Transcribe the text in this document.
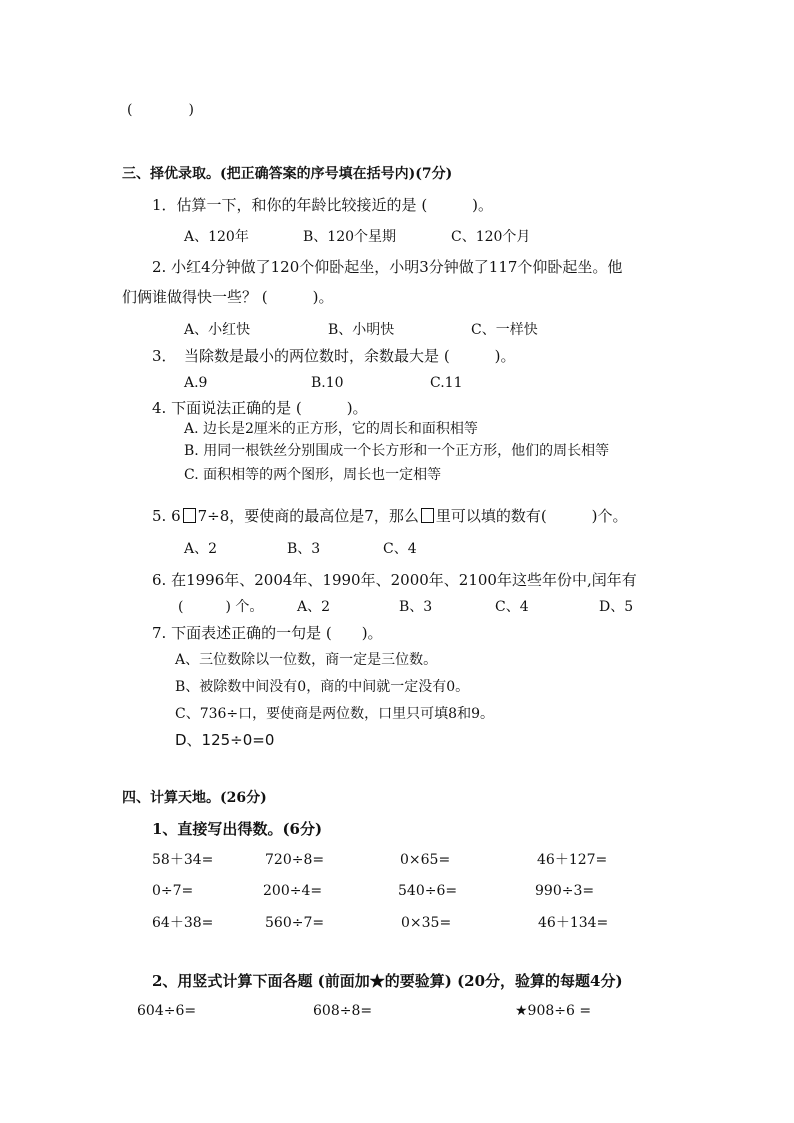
(　　　　)
三、择优录取。(把正确答案的序号填在括号内)(7分)
1．估算一下，和你的年龄比较接近的是 (　　　)。
A、120年	B、120个星期	C、120个月
2. 小红4分钟做了120个仰卧起坐，小明3分钟做了117个仰卧起坐。他
们俩谁做得快一些？ (　　　)。
A、小红快	B、小明快	C、一样快
3．　当除数是最小的两位数时，余数最大是 (　　　)。
A.9	B.10	C.11
4. 下面说法正确的是 (　　　)。
A. 边长是2厘米的正方形，它的周长和面积相等
B. 用同一根铁丝分别围成一个长方形和一个正方形，他们的周长相等
C. 面积相等的两个图形，周长也一定相等
5. 6 7÷8，要使商的最高位是7，那么 里可以填的数有(　　　)个。
A、2	B、3	C、4
6. 在1996年、2004年、1990年、2000年、2100年这些年份中,闰年有
(　　　) 个。 A、2	B、3	C、4	D、5
7. 下面表述正确的一句是 (　　)。
A、三位数除以一位数，商一定是三位数。
B、被除数中间没有0，商的中间就一定没有0。
C、736÷口，要使商是两位数，口里只可填8和9。
D、125÷0=0
四、计算天地。(26分)
1、直接写出得数。(6分)
58＋34=	720÷8=	0×65=	46＋127=
0÷7=	200÷4=	540÷6=	990÷3=
64＋38=	560÷7=	0×35=	46＋134=
2、用竖式计算下面各题 (前面加★的要验算) (20分，验算的每题4分)
604÷6=	608÷8=	★908÷6 =
